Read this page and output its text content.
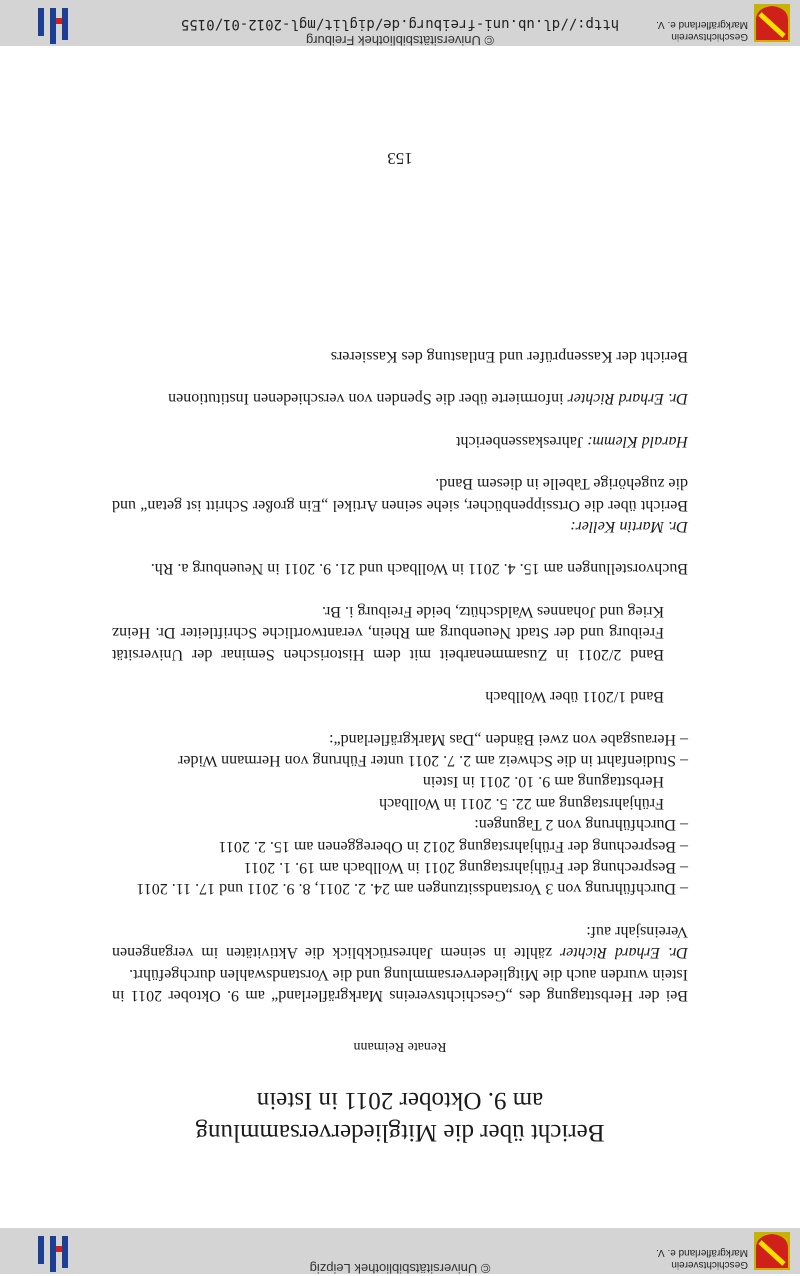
Geschichtsverein
Markgräflerland e. V.
© Universitätsbibliothek Leipzig
Bericht über die Mitgliederversammlung
am 9. Oktober 2011 in Istein
Renate Reimann

Bei der Herbsttagung des „Geschichtsvereins Markgräflerland“ am 9. Oktober 2011 in Istein wurden auch die Mitgliederversammlung und die Vorstandswahlen durchgeführt.

Dr. Erhard Richter zählte in seinem Jahresrückblick die Aktivitäten im vergangenen Vereinsjahr auf:

– Durchführung von 3 Vorstandssitzungen am 24. 2. 2011, 8. 9. 2011 und 17. 11. 2011

– Besprechung der Frühjahrstagung 2011 in Wollbach am 19. 1. 2011

– Besprechung der Frühjahrstagung 2012 in Obereggenen am 15. 2. 2011

– Durchführung von 2 Tagungen:

Frühjahrstagung am 22. 5. 2011 in Wollbach

Herbsttagung am 9. 10. 2011 in Istein

– Studienfahrt in die Schweiz am 2. 7. 2011 unter Führung von Hermann Wider

– Herausgabe von zwei Bänden „Das Markgräflerland“:

Band 1/2011 über Wollbach

Band 2/2011 in Zusammenarbeit mit dem Historischen Seminar der Universität Freiburg und der Stadt Neuenburg am Rhein, verantwortliche Schriftleiter Dr. Heinz Krieg und Johannes Waldschütz, beide Freiburg i. Br.

Buchvorstellungen am 15. 4. 2011 in Wollbach und 21. 9. 2011 in Neuenburg a. Rh.

Dr. Martin Keller:

Bericht über die Ortssippenbücher, siehe seinen Artikel „Ein großer Schritt ist getan“ und die zugehörige Tabelle in diesem Band.

Harald Klemm: Jahreskassenbericht

Dr. Erhard Richter informierte über die Spenden von verschiedenen Institutionen

Bericht der Kassenprüfer und Entlastung des Kassierers

153
© Universitätsbibliothek Freiburg
http://dl.ub.uni-freiburg.de/diglit/mgl-2012-01/0155
Geschichtsverein
Markgräflerland e. V.
